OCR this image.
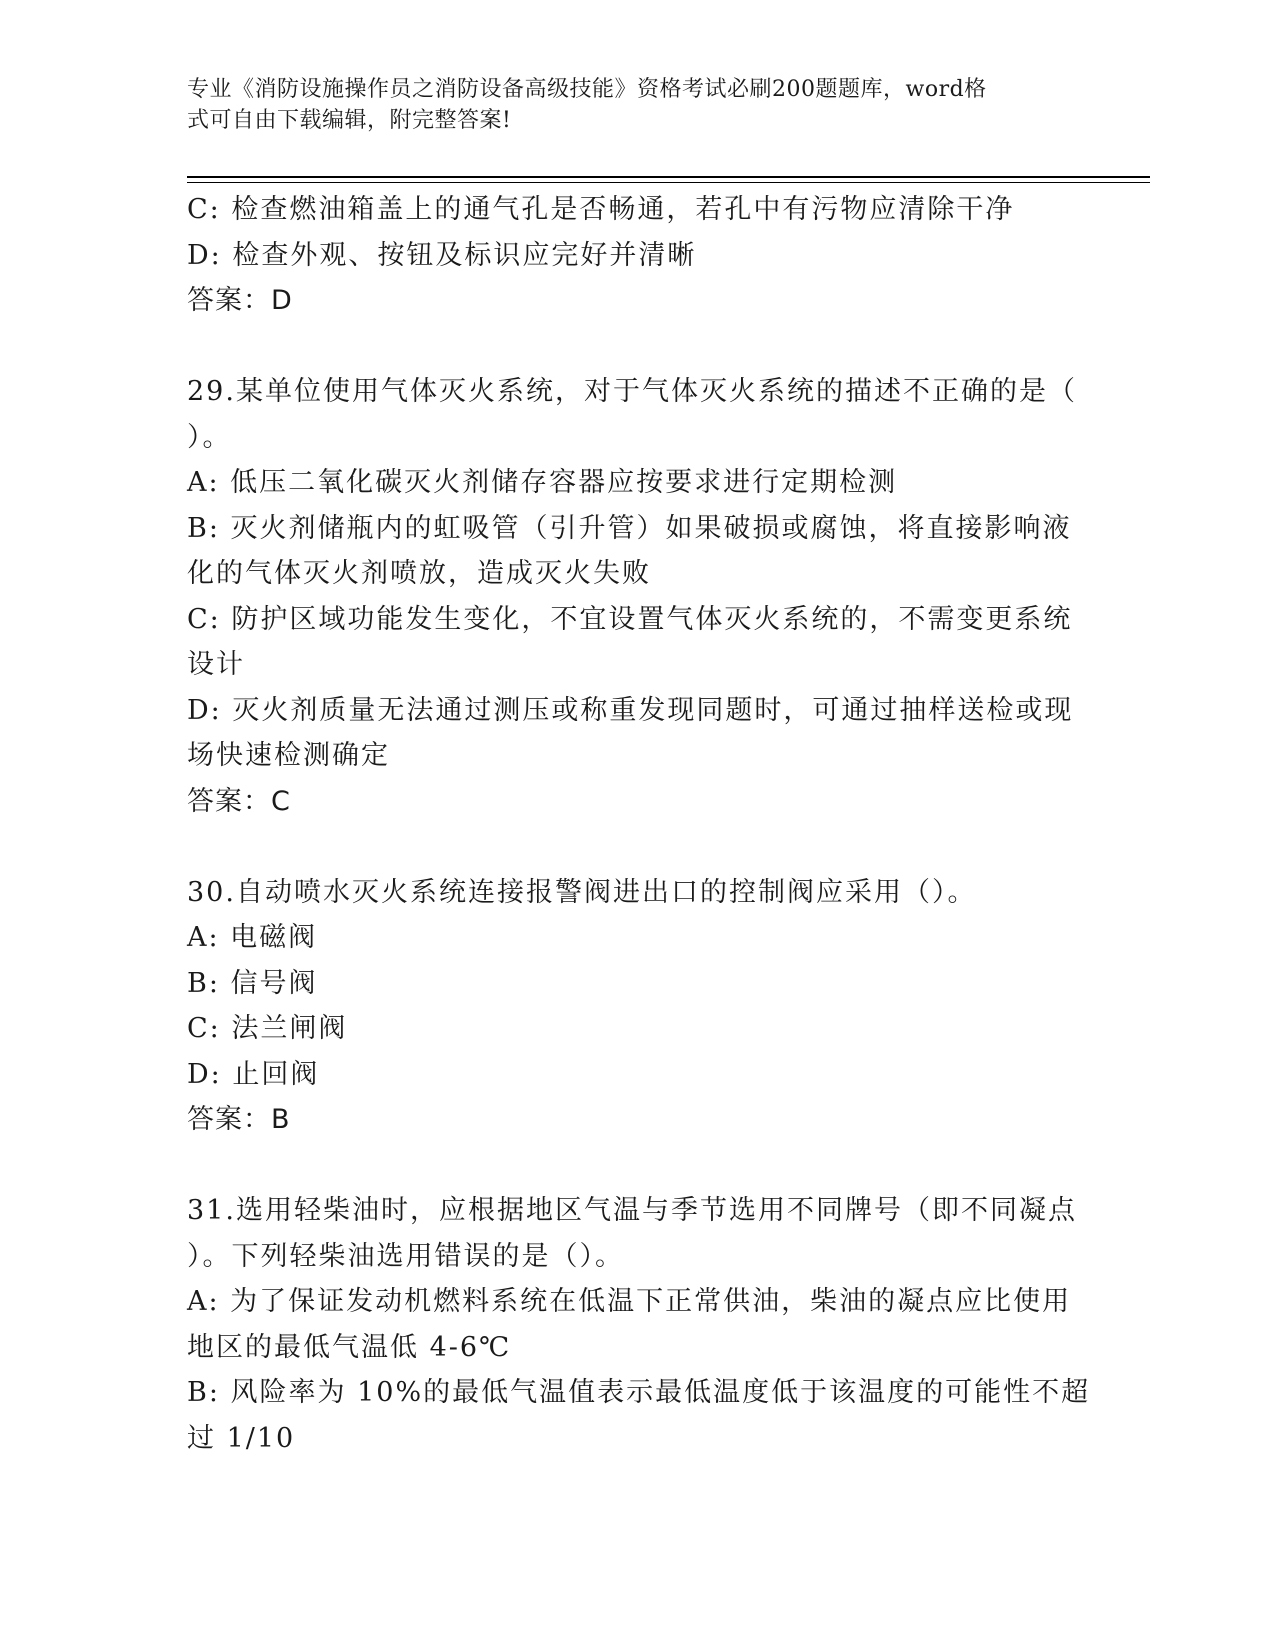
专业《消防设施操作员之消防设备高级技能》资格考试必刷200题题库，word格
式可自由下载编辑，附完整答案!
C: 检查燃油箱盖上的通气孔是否畅通，若孔中有污物应清除干净
D: 检查外观、按钮及标识应完好并清晰
答案：D
29.某单位使用气体灭火系统，对于气体灭火系统的描述不正确的是（
）。
A: 低压二氧化碳灭火剂储存容器应按要求进行定期检测
B: 灭火剂储瓶内的虹吸管（引升管）如果破损或腐蚀，将直接影响液
化的气体灭火剂喷放，造成灭火失败
C: 防护区域功能发生变化，不宜设置气体灭火系统的，不需变更系统
设计
D: 灭火剂质量无法通过测压或称重发现同题时，可通过抽样送检或现
场快速检测确定
答案：C
30.自动喷水灭火系统连接报警阀进出口的控制阀应采用（）。
A: 电磁阀
B: 信号阀
C: 法兰闸阀
D: 止回阀
答案：B
31.选用轻柴油时，应根据地区气温与季节选用不同牌号（即不同凝点
）。下列轻柴油选用错误的是（）。
A: 为了保证发动机燃料系统在低温下正常供油，柴油的凝点应比使用
地区的最低气温低 4-6℃
B: 风险率为 10%的最低气温值表示最低温度低于该温度的可能性不超
过 1/10
